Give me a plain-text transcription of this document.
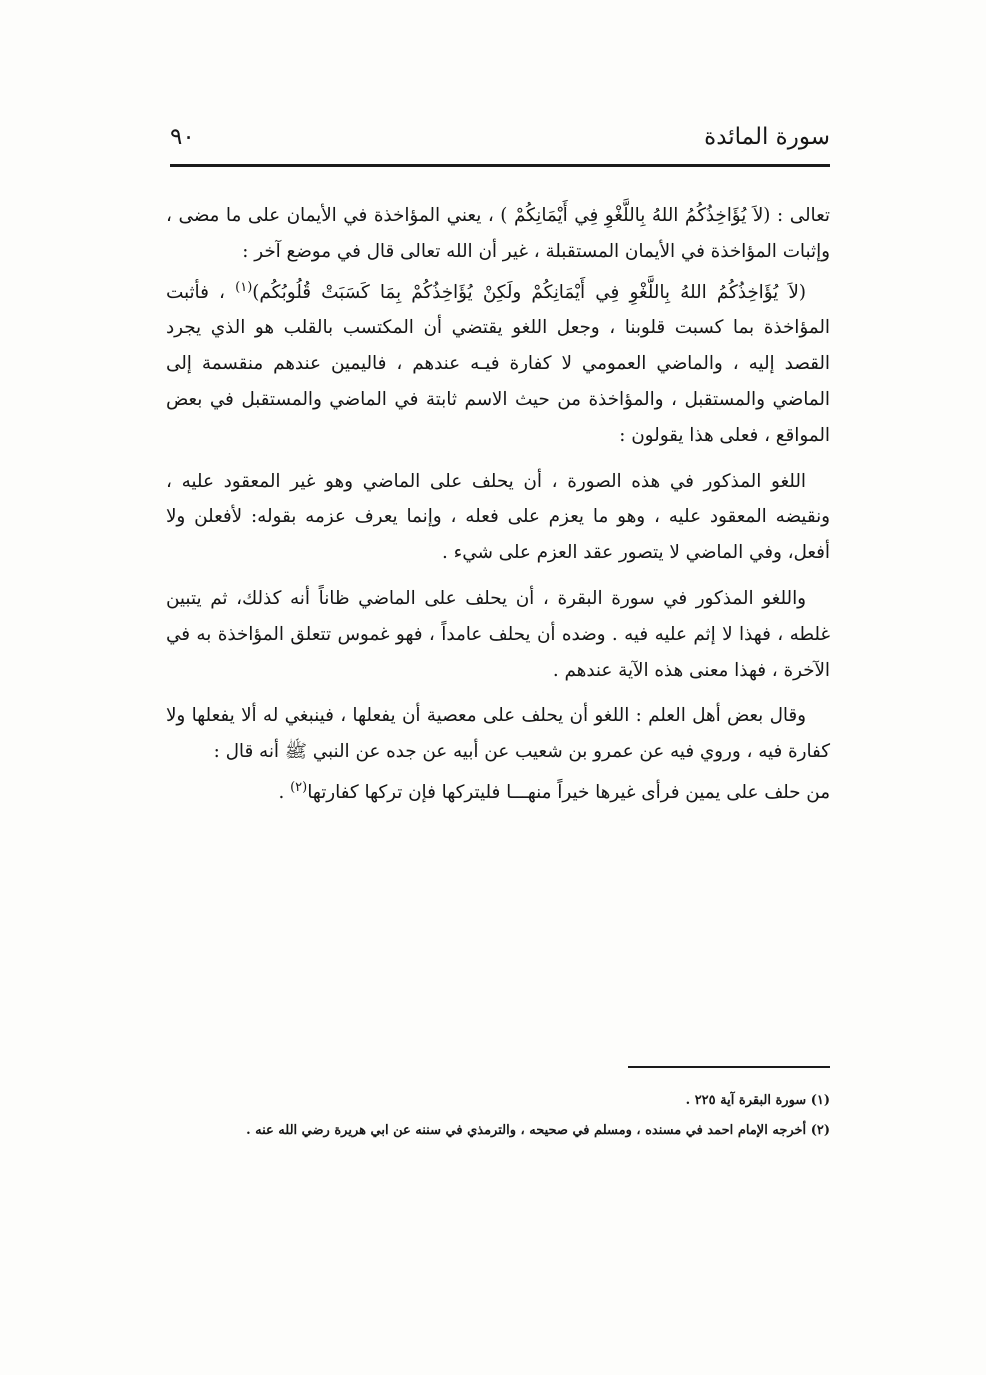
سورة المائدة
٩٠

تعالى : (لاَ يُؤَاخِذُكُمُ اللهُ بِاللَّغْوِ فِي أَيْمَانِكُمْ ) ، يعني المؤاخذة في الأيمان على ما مضى ، وإثبات المؤاخذة في الأيمان المستقبلة ، غير أن الله تعالى قال في موضع آخر :

(لاَ يُؤَاخِذُكُمُ اللهُ بِاللَّغْوِ فِي أَيْمَانِكُمْ ولَكِنْ يُؤَاخِذُكُمْ بِمَا كَسَبَتْ قُلُوبُكُم)$^{(١)}$ ، فأثبت المؤاخذة بما كسبت قلوبنا ، وجعل اللغو يقتضي أن المكتسب بالقلب هو الذي يجرد القصد إليه ، والماضي العمومي لا كفارة فيـه عندهم ، فاليمين عندهم منقسمة إلى الماضي والمستقبل ، والمؤاخذة من حيث الاسم ثابتة في الماضي والمستقبل في بعض المواقع ، فعلى هذا يقولون :

اللغو المذكور في هذه الصورة ، أن يحلف على الماضي وهو غير المعقود عليه ، ونقيضه المعقود عليه ، وهو ما يعزم على فعله ، وإنما يعرف عزمه بقوله: لأفعلن ولا أفعل، وفي الماضي لا يتصور عقد العزم على شيء .

واللغو المذكور في سورة البقرة ، أن يحلف على الماضي ظاناً أنه كذلك، ثم يتبين غلطه ، فهذا لا إثم عليه فيه . وضده أن يحلف عامداً ، فهو غموس تتعلق المؤاخذة به في الآخرة ، فهذا معنى هذه الآية عندهم .

وقال بعض أهل العلم : اللغو أن يحلف على معصية أن يفعلها ، فينبغي له ألا يفعلها ولا كفارة فيه ، وروي فيه عن عمرو بن شعيب عن أبيه عن جده عن النبي ﷺ أنه قال :

من حلف على يمين فرأى غيرها خيراً منهـــا فليتركها فإن تركها كفارتها$^{(٢)}$ .

(١) سورة البقرة آية ٢٢٥ .

(٢) أخرجه الإمام احمد في مسنده ، ومسلم في صحيحه ، والترمذي في سننه عن ابي هريرة رضي الله عنه .
